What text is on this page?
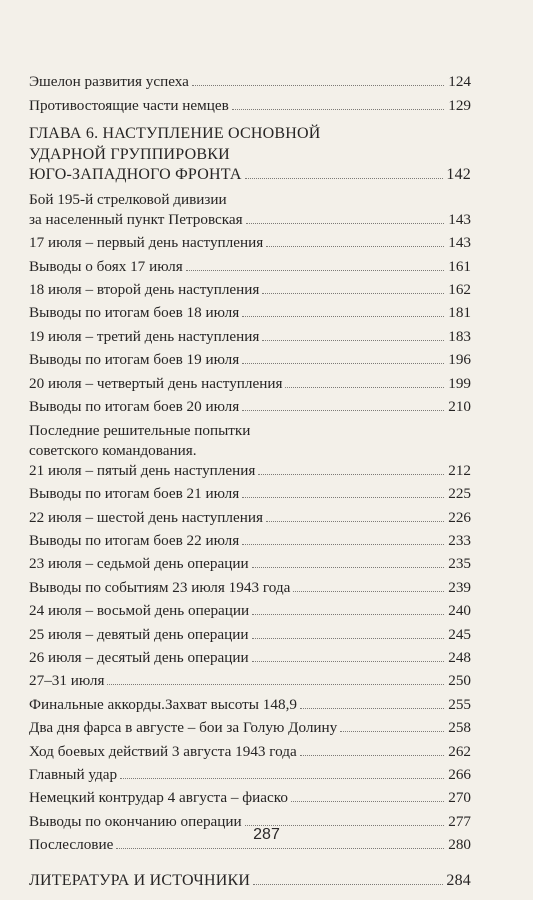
Эшелон развития успеха	124
Противостоящие части немцев	129
ГЛАВА 6. НАСТУПЛЕНИЕ ОСНОВНОЙ
УДАРНОЙ ГРУППИРОВКИ
ЮГО-ЗАПАДНОГО ФРОНТА	142
Бой 195-й стрелковой дивизии
за населенный пункт Петровская	143
17 июля – первый день наступления	143
Выводы о боях 17 июля	161
18 июля – второй день наступления	162
Выводы по итогам боев 18 июля	181
19 июля – третий день наступления	183
Выводы по итогам боев 19 июля	196
20 июля – четвертый день наступления	199
Выводы по итогам боев 20 июля	210
Последние решительные попытки
советского командования.
21 июля – пятый день наступления	212
Выводы по итогам боев 21 июля	225
22 июля – шестой день наступления	226
Выводы по итогам боев 22 июля	233
23 июля – седьмой день операции	235
Выводы по событиям 23 июля 1943 года	239
24 июля – восьмой день операции	240
25 июля – девятый день операции	245
26 июля – десятый день операции	248
27–31 июля	250
Финальные аккорды.Захват высоты 148,9	255
Два дня фарса в августе – бои за Голую Долину	258
Ход боевых действий 3 августа 1943 года	262
Главный удар	266
Немецкий контрудар 4 августа – фиаско	270
Выводы по окончанию операции	277
Послесловие	280
ЛИТЕРАТУРА И ИСТОЧНИКИ	284
287
